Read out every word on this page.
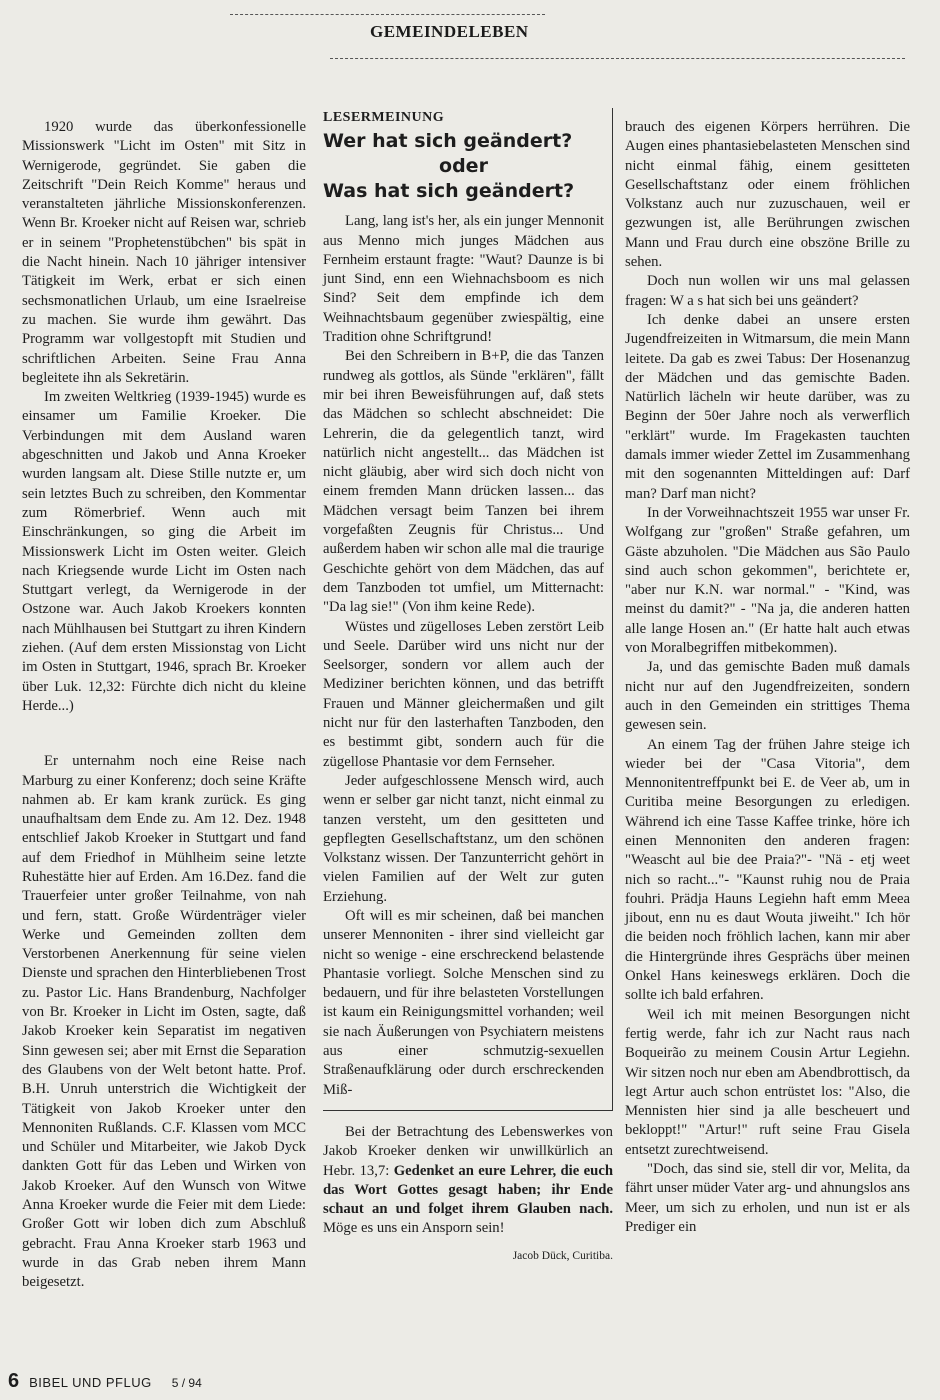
GEMEINDELEBEN

1920 wurde das überkonfessionelle Missionswerk "Licht im Osten" mit Sitz in Wernigerode, gegründet. Sie gaben die Zeitschrift "Dein Reich Komme" heraus und veranstalteten jährliche Missionskonferenzen. Wenn Br. Kroeker nicht auf Reisen war, schrieb er in seinem "Prophetenstübchen" bis spät in die Nacht hinein. Nach 10 jähriger intensiver Tätigkeit im Werk, erbat er sich einen sechsmonatlichen Urlaub, um eine Israelreise zu machen. Sie wurde ihm gewährt. Das Programm war vollgestopft mit Studien und schriftlichen Arbeiten. Seine Frau Anna begleitete ihn als Sekretärin.

Im zweiten Weltkrieg (1939-1945) wurde es einsamer um Familie Kroeker. Die Verbindungen mit dem Ausland waren abgeschnitten und Jakob und Anna Kroeker wurden langsam alt. Diese Stille nutzte er, um sein letztes Buch zu schreiben, den Kommentar zum Römerbrief. Wenn auch mit Einschränkungen, so ging die Arbeit im Missionswerk Licht im Osten weiter. Gleich nach Kriegsende wurde Licht im Osten nach Stuttgart verlegt, da Wernigerode in der Ostzone war. Auch Jakob Kroekers konnten nach Mühlhausen bei Stuttgart zu ihren Kindern ziehen. (Auf dem ersten Missionstag von Licht im Osten in Stuttgart, 1946, sprach Br. Kroeker über Luk. 12,32: Fürchte dich nicht du kleine Herde...)

Er unternahm noch eine Reise nach Marburg zu einer Konferenz; doch seine Kräfte nahmen ab. Er kam krank zurück. Es ging unaufhaltsam dem Ende zu. Am 12. Dez. 1948 entschlief Jakob Kroeker in Stuttgart und fand auf dem Friedhof in Mühlheim seine letzte Ruhestätte hier auf Erden. Am 16.Dez. fand die Trauerfeier unter großer Teilnahme, von nah und fern, statt. Große Würdenträger vieler Werke und Gemeinden zollten dem Verstorbenen Anerkennung für seine vielen Dienste und sprachen den Hinterbliebenen Trost zu. Pastor Lic. Hans Brandenburg, Nachfolger von Br. Kroeker in Licht im Osten, sagte, daß Jakob Kroeker kein Separatist im negativen Sinn gewesen sei; aber mit Ernst die Separation des Glaubens von der Welt betont hatte. Prof. B.H. Unruh unterstrich die Wichtigkeit der Tätigkeit von Jakob Kroeker unter den Mennoniten Rußlands. C.F. Klassen vom MCC und Schüler und Mitarbeiter, wie Jakob Dyck dankten Gott für das Leben und Wirken von Jakob Kroeker. Auf den Wunsch von Witwe Anna Kroeker wurde die Feier mit dem Liede: Großer Gott wir loben dich zum Abschluß gebracht. Frau Anna Kroeker starb 1963 und wurde in das Grab neben ihrem Mann beigesetzt.

LESERMEINUNG

Wer hat sich geändert?

oder

Was hat sich geändert?

Lang, lang ist's her, als ein junger Mennonit aus Menno mich junges Mädchen aus Fernheim erstaunt fragte: "Waut? Daunze is bi junt Sind, enn een Wiehnachsboom es nich Sind? Seit dem empfinde ich dem Weihnachtsbaum gegenüber zwiespältig, eine Tradition ohne Schriftgrund!

Bei den Schreibern in B+P, die das Tanzen rundweg als gottlos, als Sünde "erklären", fällt mir bei ihren Beweisführungen auf, daß stets das Mädchen so schlecht abschneidet: Die Lehrerin, die da gelegentlich tanzt, wird natürlich nicht angestellt... das Mädchen ist nicht gläubig, aber wird sich doch nicht von einem fremden Mann drücken lassen... das Mädchen versagt beim Tanzen bei ihrem vorgefaßten Zeugnis für Christus... Und außerdem haben wir schon alle mal die traurige Geschichte gehört von dem Mädchen, das auf dem Tanzboden tot umfiel, um Mitternacht: "Da lag sie!" (Von ihm keine Rede).

Wüstes und zügelloses Leben zerstört Leib und Seele. Darüber wird uns nicht nur der Seelsorger, sondern vor allem auch der Mediziner berichten können, und das betrifft Frauen und Männer gleichermaßen und gilt nicht nur für den lasterhaften Tanzboden, den es bestimmt gibt, sondern auch für die zügellose Phantasie vor dem Fernseher.

Jeder aufgeschlossene Mensch wird, auch wenn er selber gar nicht tanzt, nicht einmal zu tanzen versteht, um den gesitteten und gepflegten Gesellschaftstanz, um den schönen Volkstanz wissen. Der Tanzunterricht gehört in vielen Familien auf der Welt zur guten Erziehung.

Oft will es mir scheinen, daß bei manchen unserer Mennoniten - ihrer sind vielleicht gar nicht so wenige - eine erschreckend belastende Phantasie vorliegt. Solche Menschen sind zu bedauern, und für ihre belasteten Vorstellungen ist kaum ein Reinigungsmittel vorhanden; weil sie nach Äußerungen von Psychiatern meistens aus einer schmutzig-sexuellen Straßenaufklärung oder durch erschreckenden Miß-

Bei der Betrachtung des Lebenswerkes von Jakob Kroeker denken wir unwillkürlich an Hebr. 13,7: Gedenket an eure Lehrer, die euch das Wort Gottes gesagt haben; ihr Ende schaut an und folget ihrem Glauben nach. Möge es uns ein Ansporn sein!

Jacob Dück, Curitiba.

brauch des eigenen Körpers herrühren. Die Augen eines phantasiebelasteten Menschen sind nicht einmal fähig, einem gesitteten Gesellschaftstanz oder einem fröhlichen Volkstanz auch nur zuzuschauen, weil er gezwungen ist, alle Berührungen zwischen Mann und Frau durch eine obszöne Brille zu sehen.

Doch nun wollen wir uns mal gelassen fragen: W a s hat sich bei uns geändert?

Ich denke dabei an unsere ersten Jugendfreizeiten in Witmarsum, die mein Mann leitete. Da gab es zwei Tabus: Der Hosenanzug der Mädchen und das gemischte Baden. Natürlich lächeln wir heute darüber, was zu Beginn der 50er Jahre noch als verwerflich "erklärt" wurde. Im Fragekasten tauchten damals immer wieder Zettel im Zusammenhang mit den sogenannten Mitteldingen auf: Darf man? Darf man nicht?

In der Vorweihnachtszeit 1955 war unser Fr. Wolfgang zur "großen" Straße gefahren, um Gäste abzuholen. "Die Mädchen aus São Paulo sind auch schon gekommen", berichtete er, "aber nur K.N. war normal." - "Kind, was meinst du damit?" - "Na ja, die anderen hatten alle lange Hosen an." (Er hatte halt auch etwas von Moralbegriffen mitbekommen).

Ja, und das gemischte Baden muß damals nicht nur auf den Jugendfreizeiten, sondern auch in den Gemeinden ein strittiges Thema gewesen sein.

An einem Tag der frühen Jahre steige ich wieder bei der "Casa Vitoria", dem Mennonitentreffpunkt bei E. de Veer ab, um in Curitiba meine Besorgungen zu erledigen. Während ich eine Tasse Kaffee trinke, höre ich einen Mennoniten den anderen fragen: "Weascht aul bie dee Praia?"- "Nä - etj weet nich so racht..."- "Kaunst ruhig nou de Praia fouhri. Prädja Hauns Legiehn haft emm Meea jibout, enn nu es daut Wouta jiweiht." Ich hör die beiden noch fröhlich lachen, kann mir aber die Hintergründe ihres Gesprächs über meinen Onkel Hans keineswegs erklären. Doch die sollte ich bald erfahren.

Weil ich mit meinen Besorgungen nicht fertig werde, fahr ich zur Nacht raus nach Boqueirão zu meinem Cousin Artur Legiehn. Wir sitzen noch nur eben am Abendbrottisch, da legt Artur auch schon entrüstet los: "Also, die Mennisten hier sind ja alle bescheuert und bekloppt!" "Artur!" ruft seine Frau Gisela entsetzt zurechtweisend.

"Doch, das sind sie, stell dir vor, Melita, da fährt unser müder Vater arg- und ahnungslos ans Meer, um sich zu erholen, und nun ist er als Prediger ein

6 BIBEL UND PFLUG 5 / 94
